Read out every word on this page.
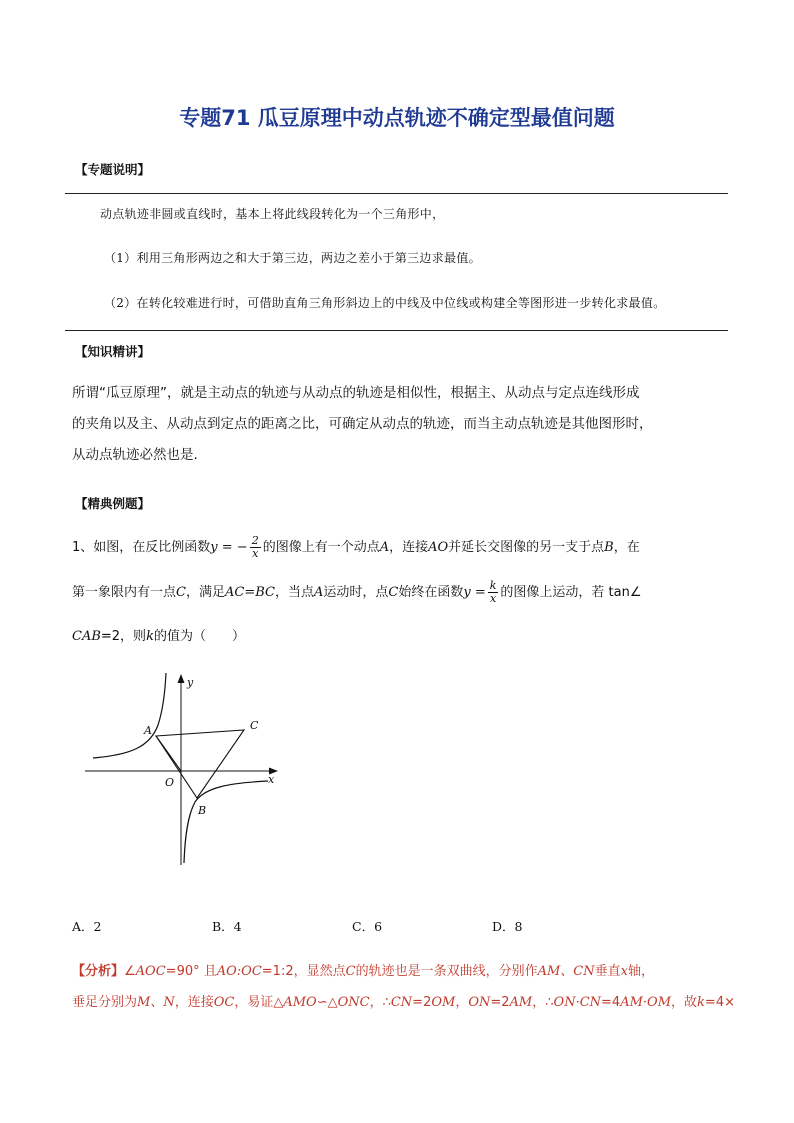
专题71 瓜豆原理中动点轨迹不确定型最值问题
【专题说明】
动点轨迹非圆或直线时，基本上将此线段转化为一个三角形中，
（1）利用三角形两边之和大于第三边，两边之差小于第三边求最值。
（2）在转化较难进行时，可借助直角三角形斜边上的中线及中位线或构建全等图形进一步转化求最值。
【知识精讲】
所谓“瓜豆原理”，就是主动点的轨迹与从动点的轨迹是相似性，根据主、从动点与定点连线形成
的夹角以及主、从动点到定点的距离之比，可确定从动点的轨迹，而当主动点轨迹是其他图形时，
从动点轨迹必然也是.
【精典例题】
1、如图，在反比例函数y = − $\frac{2}{x}$ 的图像上有一个动点A，连接AO并延长交图像的另一支于点B，在
第一象限内有一点C，满足AC=BC，当点A运动时，点C始终在函数$y = \frac{k}{x}$ 的图像上运动，若 tan∠
CAB=2，则k的值为（　　）
y
x
A	C
B
O
A．2	B．4	C．6	D．8
【分析】∠AOC=90° 且AO:OC=1:2，显然点C的轨迹也是一条双曲线，分别作AM、CN垂直x轴，
垂足分别为M、N，连接OC，易证△AMO∽△ONC，∴CN=2OM，ON=2AM，∴ON·CN=4AM·OM，故k=4×
